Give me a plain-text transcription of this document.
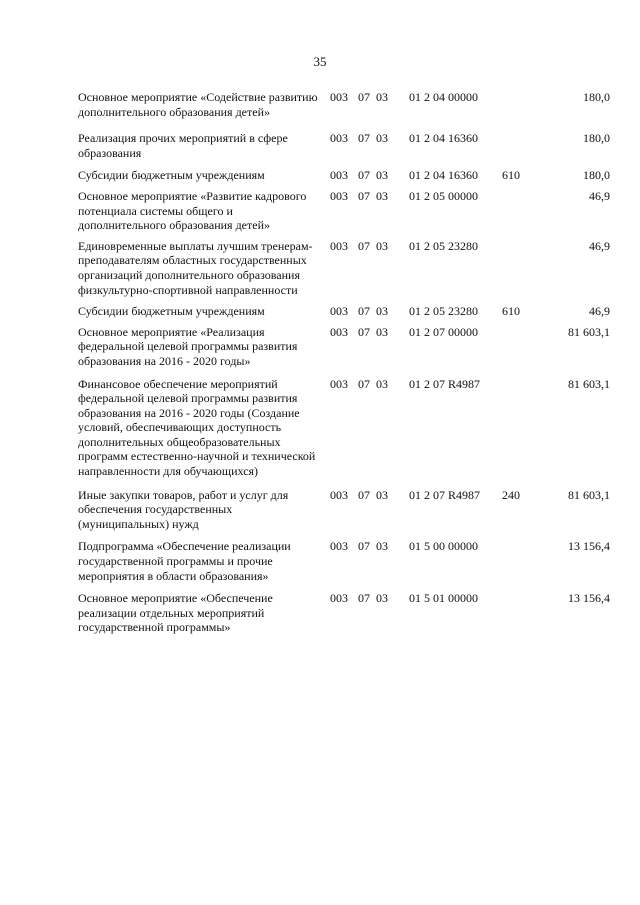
35
Основное мероприятие «Содействие развитию дополнительного образования детей»
003 07 03 01 2 04 00000	180,0
Реализация прочих мероприятий в сфере образования
003 07 03 01 2 04 16360	180,0
Субсидии бюджетным учреждениям	003 07 03 01 2 04 16360 610	180,0
Основное мероприятие «Развитие кадрового потенциала системы общего и дополнительного образования детей»
003 07 03 01 2 05 00000	46,9
Единовременные выплаты лучшим тренерам-преподавателям областных государственных организаций дополнительного образования физкультурно-спортивной направленности
003 07 03 01 2 05 23280	46,9
Субсидии бюджетным учреждениям	003 07 03 01 2 05 23280 610	46,9
Основное мероприятие «Реализация федеральной целевой программы развития образования на 2016 - 2020 годы»
003 07 03 01 2 07 00000	81 603,1
Финансовое обеспечение мероприятий федеральной целевой программы развития образования на 2016 - 2020 годы (Создание условий, обеспечивающих доступность дополнительных общеобразовательных программ естественно-научной и технической направленности для обучающихся)
003 07 03 01 2 07 R4987	81 603,1
Иные закупки товаров, работ и услуг для обеспечения государственных (муниципальных) нужд
003 07 03 01 2 07 R4987 240	81 603,1
Подпрограмма «Обеспечение реализации государственной программы и прочие мероприятия в области образования»
003 07 03 01 5 00 00000	13 156,4
Основное мероприятие «Обеспечение реализации отдельных мероприятий государственной программы»
003 07 03 01 5 01 00000	13 156,4
